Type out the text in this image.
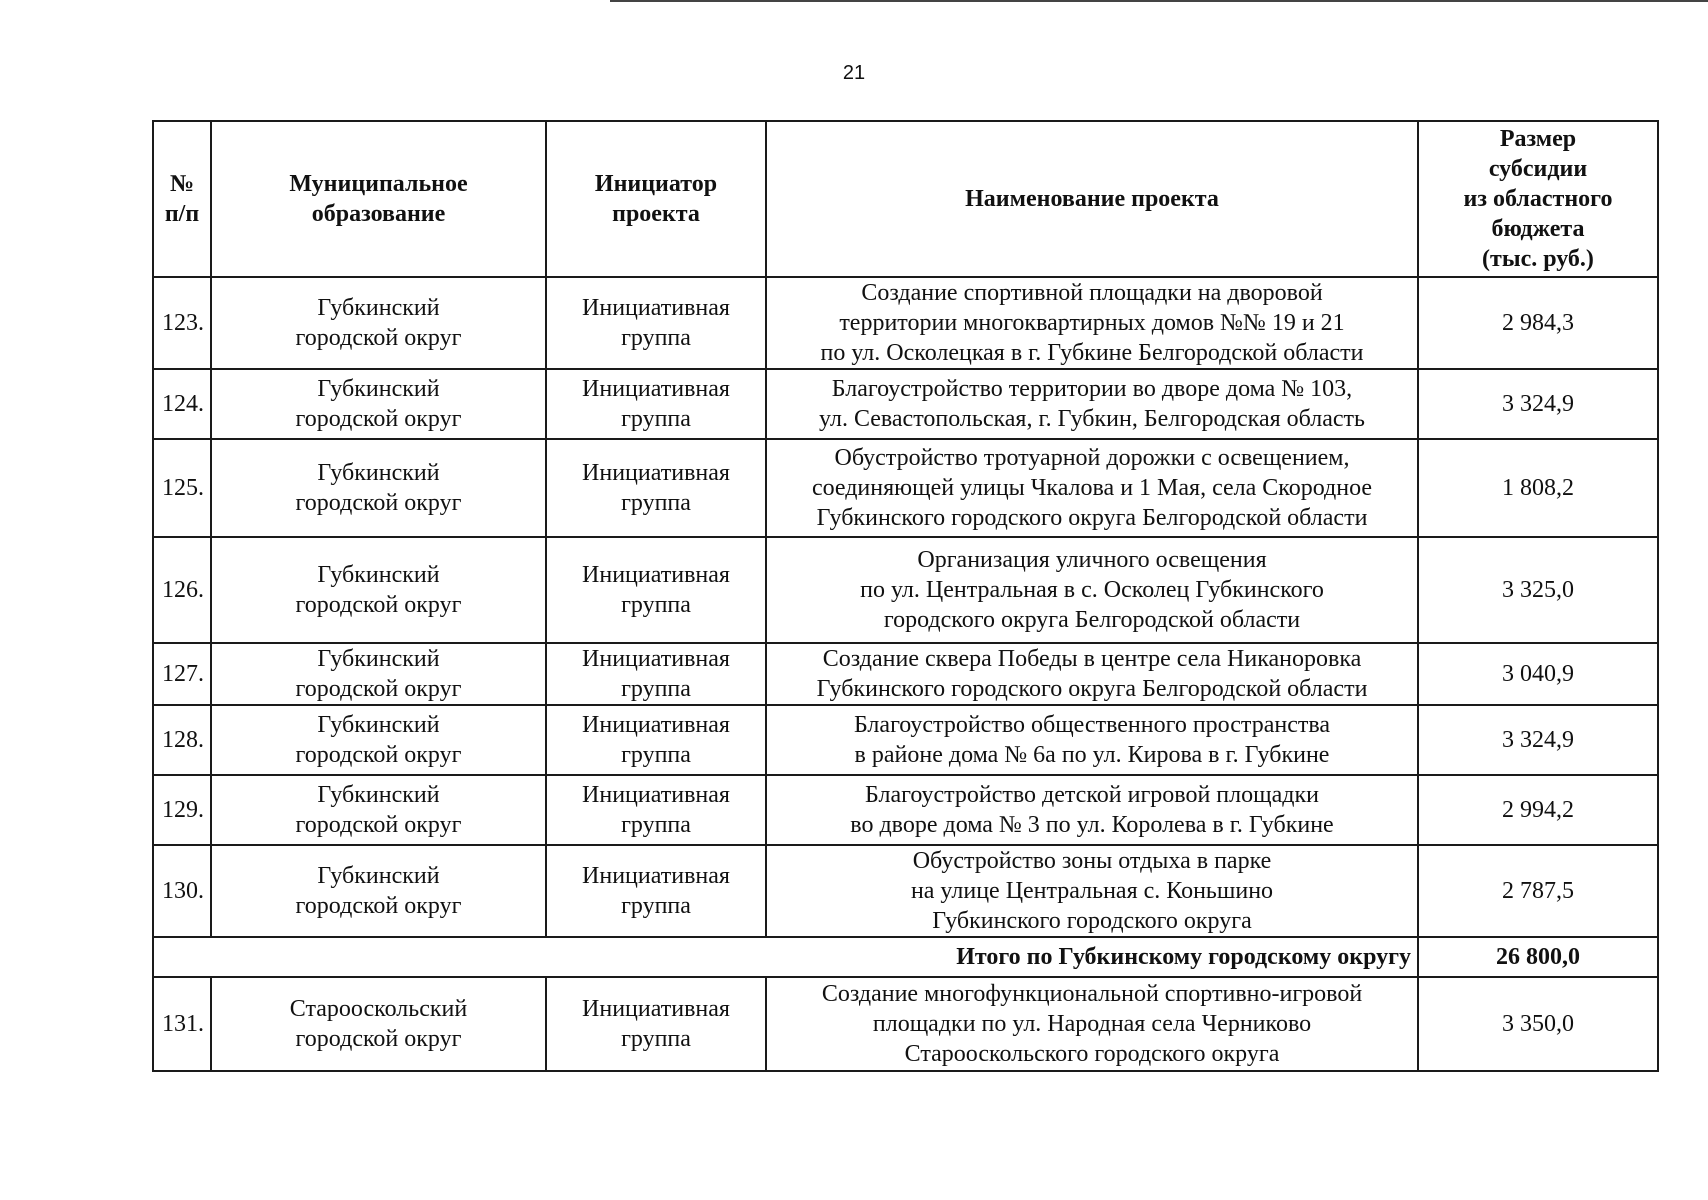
21
№
п/п	Муниципальное
образование	Инициатор
проекта	Наименование проекта	Размер
субсидии
из областного
бюджета
(тыс. руб.)
123.	Губкинский
городской округ	Инициативная
группа	Создание спортивной площадки на дворовой
территории многоквартирных домов №№ 19 и 21
по ул. Осколецкая в г. Губкине Белгородской области	2 984,3
124.	Губкинский
городской округ	Инициативная
группа	Благоустройство территории во дворе дома № 103,
ул. Севастопольская, г. Губкин, Белгородская область	3 324,9
125.	Губкинский
городской округ	Инициативная
группа	Обустройство тротуарной дорожки с освещением,
соединяющей улицы Чкалова и 1 Мая, села Скородное
Губкинского городского округа Белгородской области	1 808,2
126.	Губкинский
городской округ	Инициативная
группа	Организация уличного освещения
по ул. Центральная в с. Осколец Губкинского
городского округа Белгородской области	3 325,0
127.	Губкинский
городской округ	Инициативная
группа	Создание сквера Победы в центре села Никаноровка
Губкинского городского округа Белгородской области	3 040,9
128.	Губкинский
городской округ	Инициативная
группа	Благоустройство общественного пространства
в районе дома № 6а по ул. Кирова в г. Губкине	3 324,9
129.	Губкинский
городской округ	Инициативная
группа	Благоустройство детской игровой площадки
во дворе дома № 3 по ул. Королева в г. Губкине	2 994,2
130.	Губкинский
городской округ	Инициативная
группа	Обустройство зоны отдыха в парке
на улице Центральная с. Коньшино
Губкинского городского округа	2 787,5
Итого по Губкинскому городскому округу				26 800,0
131.	Старооскольский
городской округ	Инициативная
группа	Создание многофункциональной спортивно-игровой
площадки по ул. Народная села Черниково
Старооскольского городского округа	3 350,0
